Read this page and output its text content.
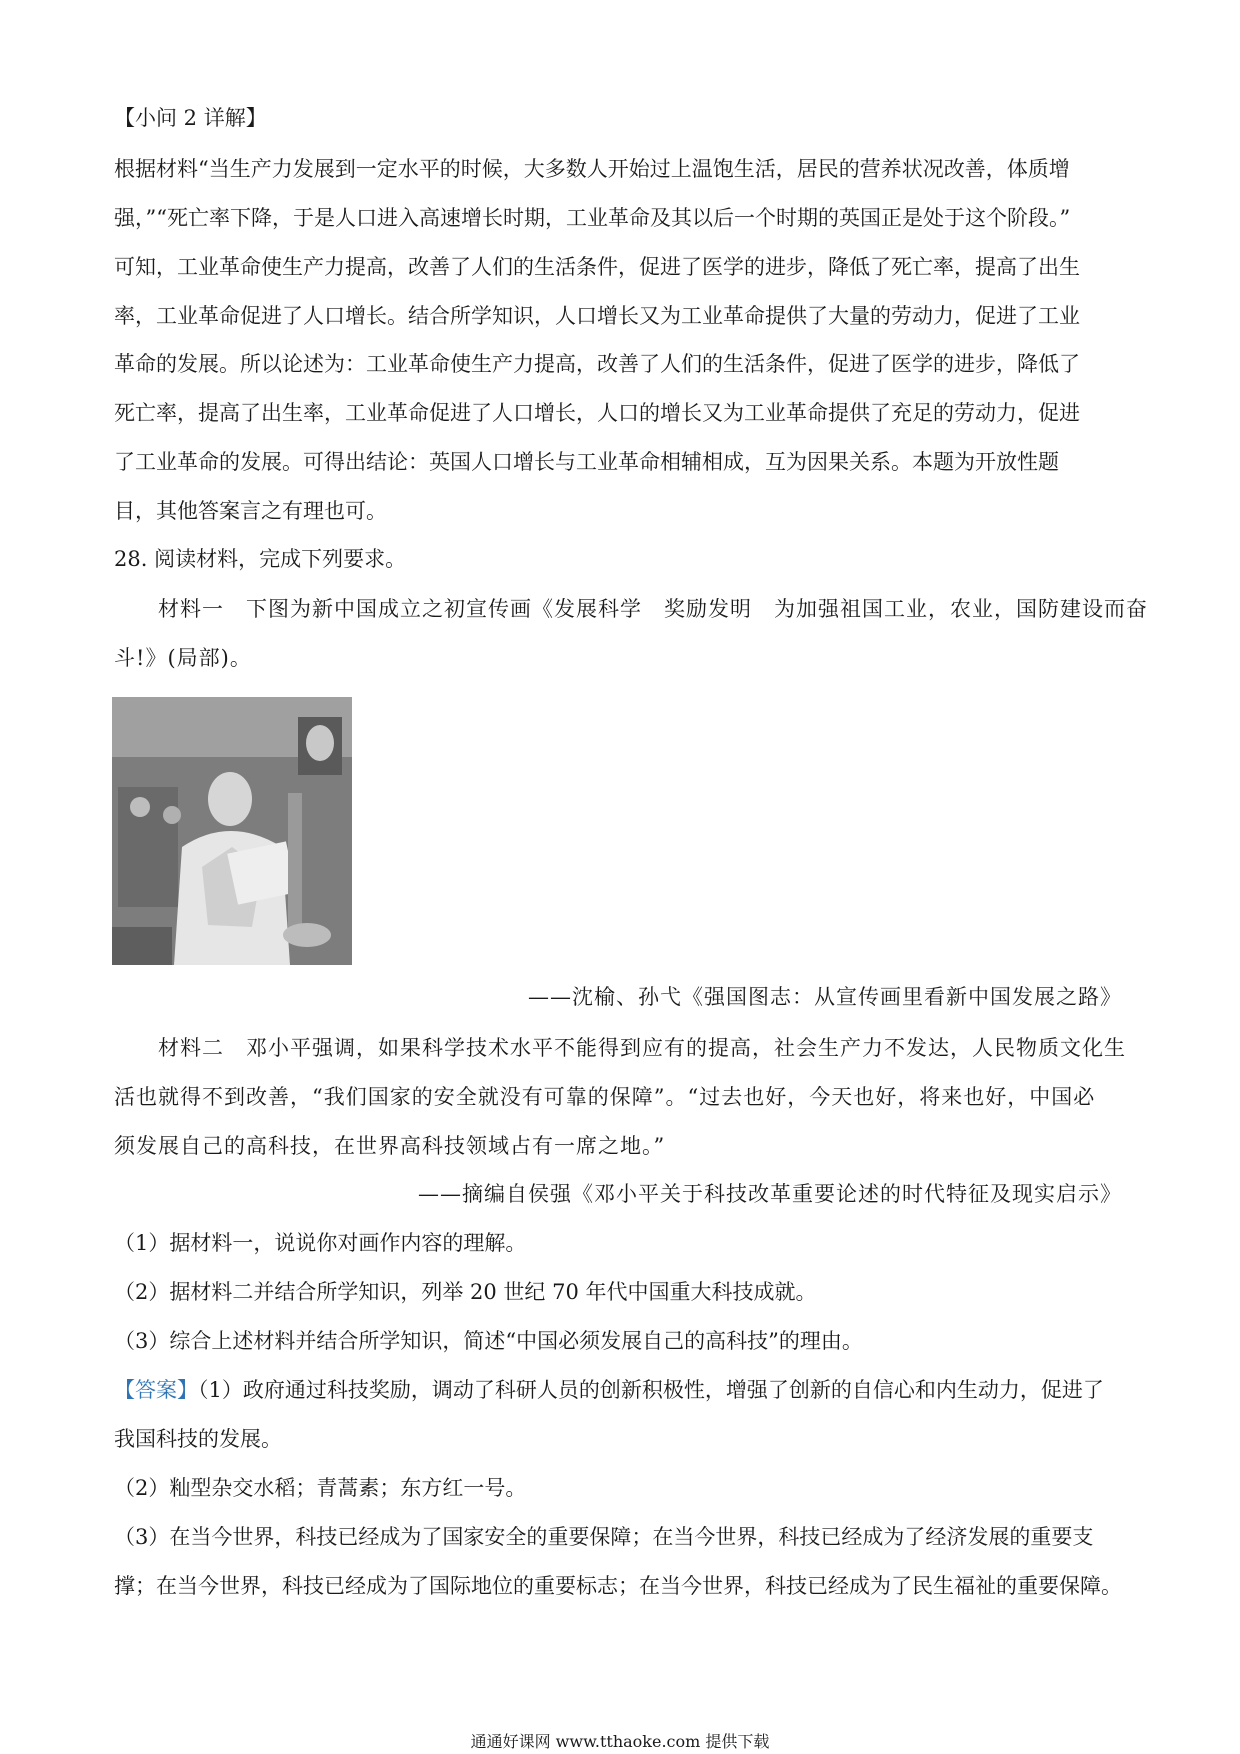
【小问 2 详解】
根据材料“当生产力发展到一定水平的时候，大多数人开始过上温饱生活，居民的营养状况改善，体质增
强，”“死亡率下降，于是人口进入高速增长时期，工业革命及其以后一个时期的英国正是处于这个阶段。”
可知，工业革命使生产力提高，改善了人们的生活条件，促进了医学的进步，降低了死亡率，提高了出生
率，工业革命促进了人口增长。结合所学知识，人口增长又为工业革命提供了大量的劳动力，促进了工业
革命的发展。所以论述为：工业革命使生产力提高，改善了人们的生活条件，促进了医学的进步，降低了
死亡率，提高了出生率，工业革命促进了人口增长，人口的增长又为工业革命提供了充足的劳动力，促进
了工业革命的发展。可得出结论：英国人口增长与工业革命相辅相成，互为因果关系。本题为开放性题
目，其他答案言之有理也可。
28. 阅读材料，完成下列要求。
材料一　下图为新中国成立之初宣传画《发展科学　奖励发明　为加强祖国工业，农业，国防建设而奋
斗!》(局部)。
——沈榆、孙弋《强国图志：从宣传画里看新中国发展之路》
材料二　邓小平强调，如果科学技术水平不能得到应有的提高，社会生产力不发达，人民物质文化生
活也就得不到改善，“我们国家的安全就没有可靠的保障”。“过去也好，今天也好，将来也好，中国必
须发展自己的高科技，在世界高科技领域占有一席之地。”
——摘编自侯强《邓小平关于科技改革重要论述的时代特征及现实启示》
（1）据材料一，说说你对画作内容的理解。
（2）据材料二并结合所学知识，列举 20 世纪 70 年代中国重大科技成就。
（3）综合上述材料并结合所学知识，简述“中国必须发展自己的高科技”的理由。
【答案】（1）政府通过科技奖励，调动了科研人员的创新积极性，增强了创新的自信心和内生动力，促进了
我国科技的发展。
（2）籼型杂交水稻；青蒿素；东方红一号。
（3）在当今世界，科技已经成为了国家安全的重要保障；在当今世界，科技已经成为了经济发展的重要支
撑；在当今世界，科技已经成为了国际地位的重要标志；在当今世界，科技已经成为了民生福祉的重要保障。
通通好课网 www.tthaoke.com 提供下载
